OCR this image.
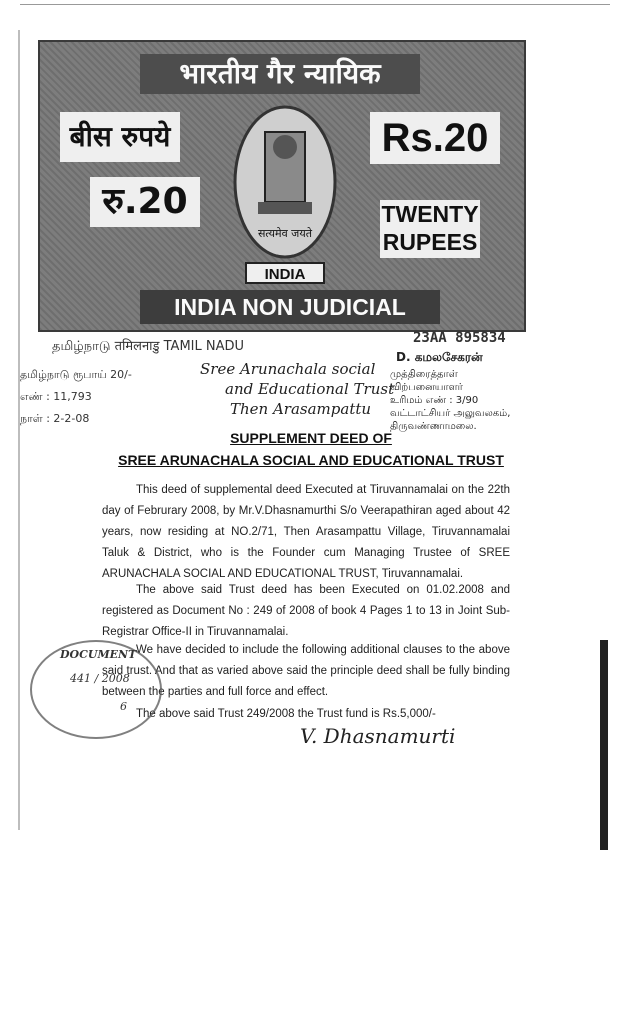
भारतीय गैर न्यायिक
बीस रुपये
रु.20
Rs.20
सत्यमेव जयते
TWENTY
RUPEES
INDIA
INDIA NON JUDICIAL
தமிழ்நாடு तमिलनाडु TAMIL NADU
23AA 895834
D. கமலசேகரன்
முத்திரைத்தாள் விற்பனையாளர்
உரிமம் எண் : 3/90
வட்டாட்சியர் அலுவலகம்,
திருவண்ணாமலை.
தமிழ்நாடு ரூபாய் 20/-
எண் : 11,793
நாள் : 2-2-08
Sree Arunachala social
and Educational Trust
Then Arasampattu
SUPPLEMENT DEED OF
SREE ARUNACHALA SOCIAL AND EDUCATIONAL TRUST
This deed of supplemental deed Executed at Tiruvannamalai on the 22th day of Februrary 2008, by Mr.V.Dhasnamurthi S/o Veerapathiran aged about 42 years, now residing at NO.2/71, Then Arasampattu Village, Tiruvannamalai Taluk & District, who is the Founder cum Managing Trustee of SREE ARUNACHALA SOCIAL AND EDUCATIONAL TRUST, Tiruvannamalai.
The above said Trust deed has been Executed on 01.02.2008 and registered as Document No : 249 of 2008 of book 4 Pages 1 to 13 in Joint Sub-Registrar Office-II in Tiruvannamalai.
We have decided to include the following additional clauses to the above said trust. And that as varied above said the principle deed shall be fully binding between the parties and full force and effect.
The above said Trust 249/2008 the Trust fund is Rs.5,000/-
DOCUMENT
441 / 2008
6
V. Dhasnamurti
